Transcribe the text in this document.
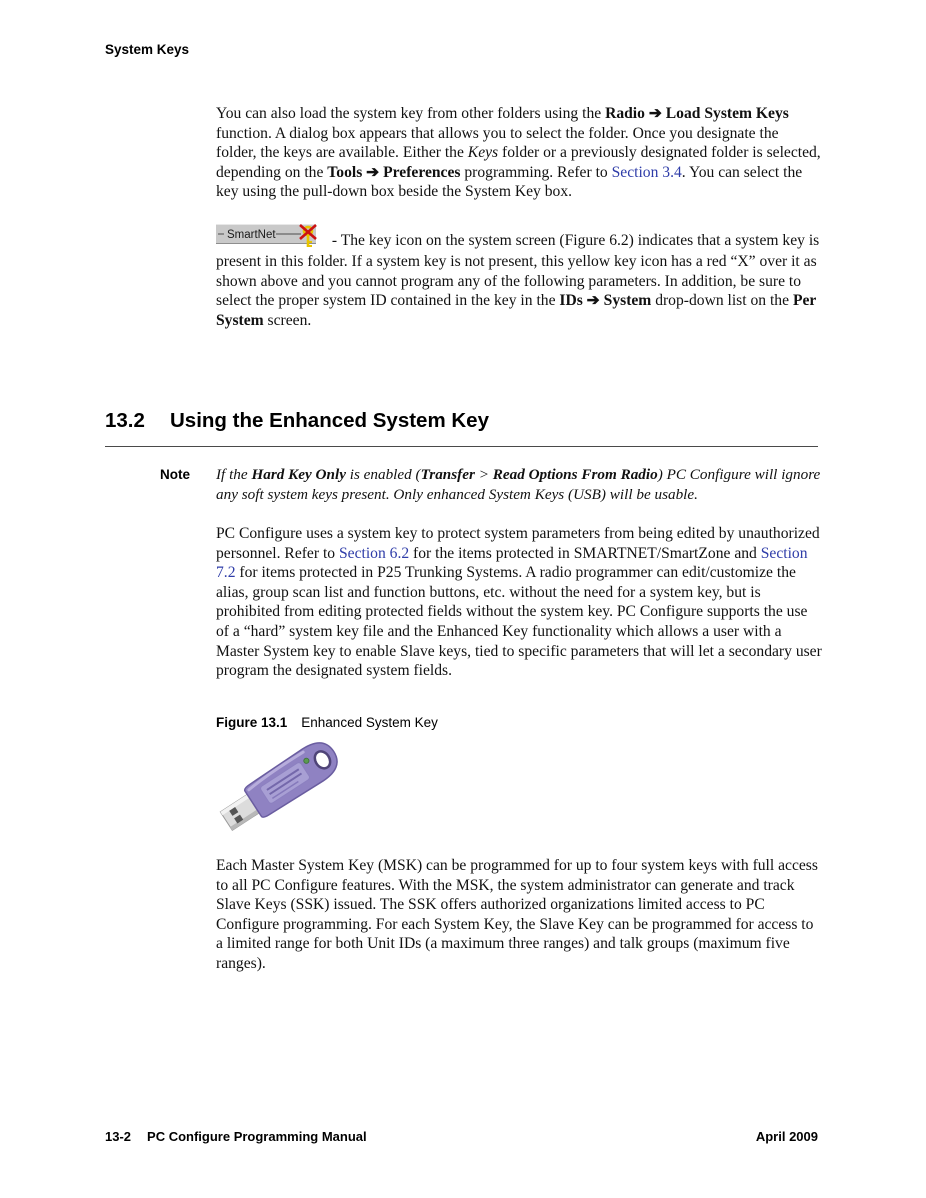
System Keys

You can also load the system key from other folders using the Radio ➔ Load System Keys function. A dialog box appears that allows you to select the folder. Once you designate the folder, the keys are available. Either the Keys folder or a previously designated folder is selected, depending on the Tools ➔ Preferences programming. Refer to Section 3.4. You can select the key using the pull-down box beside the System Key box.

SmartNet	- The key icon on the system screen (Figure 6.2) indicates that a system key is present in this folder. If a system key is not present, this yellow key icon has a red “X” over it as shown above and you cannot program any of the following parameters. In addition, be sure to select the proper system ID contained in the key in the IDs ➔ System drop-down list on the Per System screen.

13.2	Using the Enhanced System Key
Note	If the Hard Key Only is enabled (Transfer > Read Options From Radio) PC Configure will ignore any soft system keys present. Only enhanced System Keys (USB) will be usable.

PC Configure uses a system key to protect system parameters from being edited by unauthorized personnel. Refer to Section 6.2 for the items protected in SMARTNET/SmartZone and Section 7.2 for items protected in P25 Trunking Systems. A radio programmer can edit/customize the alias, group scan list and function buttons, etc. without the need for a system key, but is prohibited from editing protected fields without the system key. PC Configure supports the use of a “hard” system key file and the Enhanced Key functionality which allows a user with a Master System key to enable Slave keys, tied to specific parameters that will let a secondary user program the designated system fields.

Figure 13.1 Enhanced System Key

Each Master System Key (MSK) can be programmed for up to four system keys with full access to all PC Configure features. With the MSK, the system administrator can generate and track Slave Keys (SSK) issued. The SSK offers authorized organizations limited access to PC Configure programming. For each System Key, the Slave Key can be programmed for access to a limited range for both Unit IDs (a maximum three ranges) and talk groups (maximum five ranges).

13-2 PC Configure Programming Manual	April 2009
